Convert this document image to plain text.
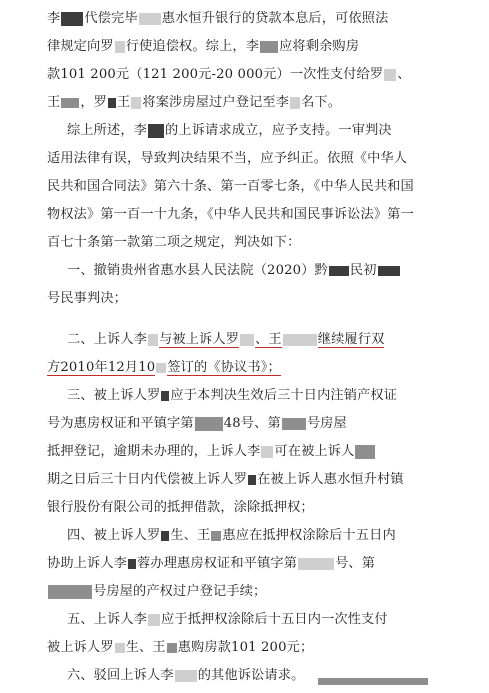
李 代偿完毕 惠水恒升银行的贷款本息后，可依照法
律规定向罗 行使追偿权。综上，李 应将剩余购房
款101 200元（121 200元-20 000元）一次性支付给罗 、
王 ，罗 王 将案涉房屋过户登记至李 名下。
综上所述，李 的上诉请求成立，应予支持。一审判决
适用法律有误，导致判决结果不当，应予纠正。依照《中华人
民共和国合同法》第六十条、第一百零七条，《中华人民共和国
物权法》第一百一十九条，《中华人民共和国民事诉讼法》第一
百七十条第一款第二项之规定，判决如下：
一、撤销贵州省惠水县人民法院（2020）黔 民初
号民事判决；
二、上诉人李 与被上诉人罗 、王	继续履行双
方2010年12月10 签订的《协议书》；
三、被上诉人罗 应于本判决生效后三十日内注销产权证
号为惠房权证和平镇字第 48号、第 号房屋
抵押登记，逾期未办理的，上诉人李 可在被上诉人
期之日后三十日内代偿被上诉人罗 在被上诉人惠水恒升村镇
银行股份有限公司的抵押借款，涂除抵押权；
四、被上诉人罗 生、王 惠应在抵押权涂除后十五日内
协助上诉人李 蓉办理惠房权证和平镇字第	号、第
号房屋的产权过户登记手续；
五、上诉人李 应于抵押权涂除后十五日内一次性支付
被上诉人罗 生、王 惠购房款101 200元；
六、驳回上诉人李 的其他诉讼请求。
